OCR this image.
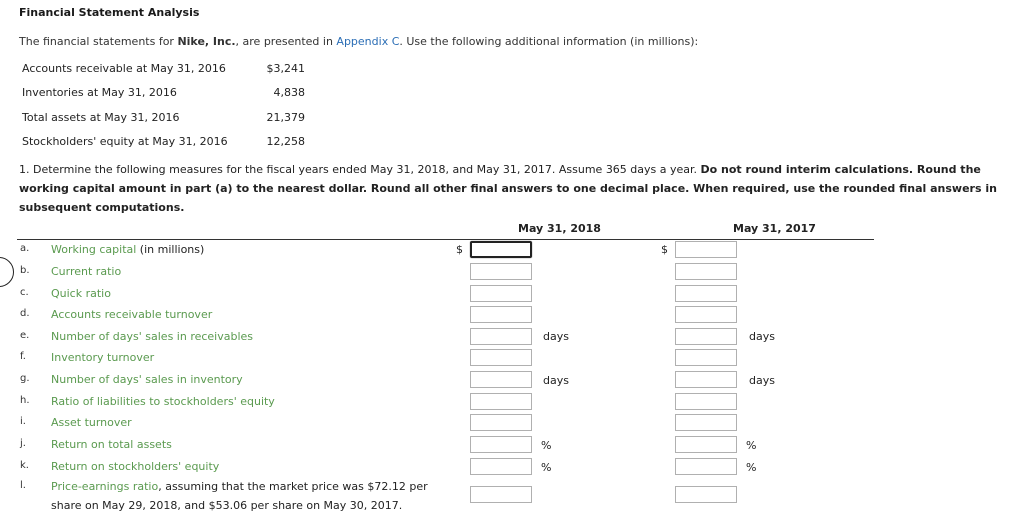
Financial Statement Analysis
The financial statements for Nike, Inc., are presented in Appendix C. Use the following additional information (in millions):
Accounts receivable at May 31, 2016	$3,241
Inventories at May 31, 2016	4,838
Total assets at May 31, 2016	21,379
Stockholders' equity at May 31, 2016	12,258
1. Determine the following measures for the fiscal years ended May 31, 2018, and May 31, 2017. Assume 365 days a year. Do not round interim calculations. Round the working capital amount in part (a) to the nearest dollar. Round all other final answers to one decimal place. When required, use the rounded final answers in subsequent computations.
May 31, 2018	May 31, 2017
a. Working capital (in millions)	$	$
b. Current ratio
c. Quick ratio
d. Accounts receivable turnover
e. Number of days' sales in receivables	days	days
f. Inventory turnover
g. Number of days' sales in inventory	days	days
h. Ratio of liabilities to stockholders' equity
i. Asset turnover
j. Return on total assets	%	%
k. Return on stockholders' equity	%	%
l. Price-earnings ratio, assuming that the market price was $72.12 per
share on May 29, 2018, and $53.06 per share on May 30, 2017.
